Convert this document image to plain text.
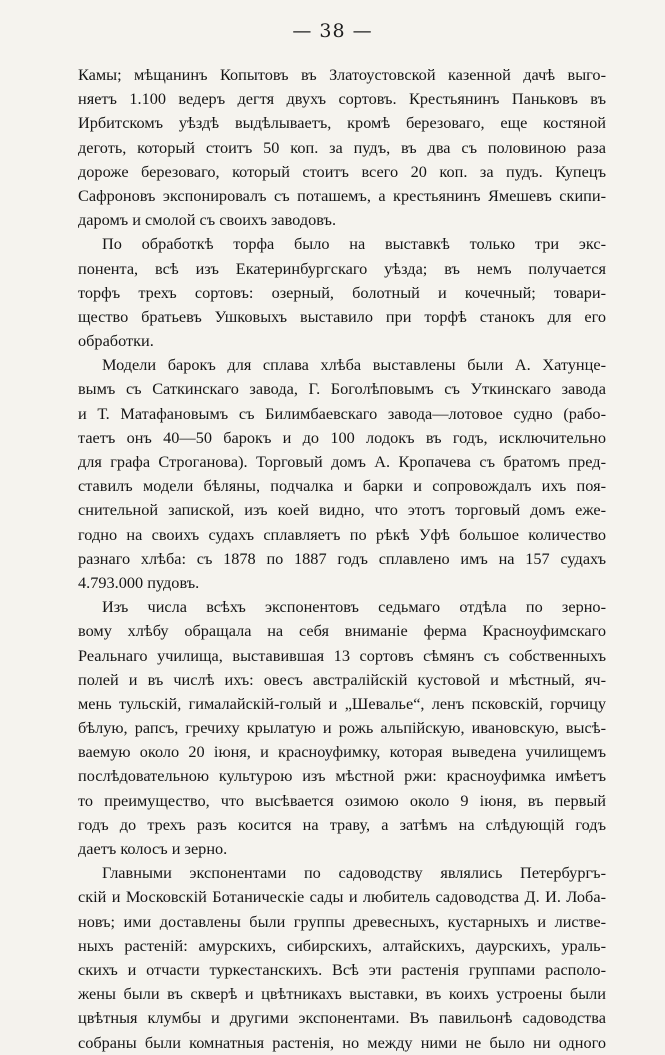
— 38 —
Камы; мѣщанинъ Копытовъ въ Златоустовской казенной дачѣ выго-
няетъ 1.100 ведеръ дегтя двухъ сортовъ. Крестьянинъ Паньковъ въ
Ирбитскомъ уѣздѣ выдѣлываетъ, кромѣ березоваго, еще костяной
деготь, который стоитъ 50 коп. за пудъ, въ два съ половиною раза
дороже березоваго, который стоитъ всего 20 коп. за пудъ. Купецъ
Сафроновъ экспонировалъ съ поташемъ, а крестьянинъ Ямешевъ скипи-
даромъ и смолой съ своихъ заводовъ.
По обработкѣ торфа было на выставкѣ только три экс-
понента, всѣ изъ Екатеринбургскаго уѣзда; въ немъ получается
торфъ трехъ сортовъ: озерный, болотный и кочечный; товари-
щество братьевъ Ушковыхъ выставило при торфѣ станокъ для его
обработки.
Модели барокъ для сплава хлѣба выставлены были А. Хатунце-
вымъ съ Саткинскаго завода, Г. Боголѣповымъ съ Уткинскаго завода
и Т. Матафановымъ съ Билимбаевскаго завода—лотовое судно (рабо-
таетъ онъ 40—50 барокъ и до 100 лодокъ въ годъ, исключительно
для графа Строганова). Торговый домъ А. Кропачева съ братомъ пред-
ставилъ модели бѣляны, подчалка и барки и сопровождалъ ихъ поя-
снительной запиской, изъ коей видно, что этотъ торговый домъ еже-
годно на своихъ судахъ сплавляетъ по рѣкѣ Уфѣ большое количество
разнаго хлѣба: съ 1878 по 1887 годъ сплавлено имъ на 157 судахъ
4.793.000 пудовъ.
Изъ числа всѣхъ экспонентовъ седьмаго отдѣла по зерно-
вому хлѣбу обращала на себя вниманіе ферма Красноуфимскаго
Реальнаго училища, выставившая 13 сортовъ сѣмянъ съ собственныхъ
полей и въ числѣ ихъ: овесъ австралійскій кустовой и мѣстный, яч-
мень тульскій, гималайскій-голый и „Шевалье“, ленъ псковскій, горчицу
бѣлую, рапсъ, гречиху крылатую и рожь альпійскую, ивановскую, высѣ-
ваемую около 20 іюня, и красноуфимку, которая выведена училищемъ
послѣдовательною культурою изъ мѣстной ржи: красноуфимка имѣетъ
то преимущество, что высѣвается озимою около 9 іюня, въ первый
годъ до трехъ разъ косится на траву, а затѣмъ на слѣдующій годъ
даетъ колосъ и зерно.
Главными экспонентами по садоводству являлись Петербургъ-
скій и Московскій Ботаническіе сады и любитель садоводства Д. И. Лоба-
новъ; ими доставлены были группы древесныхъ, кустарныхъ и листве-
ныхъ растеній: амурскихъ, сибирскихъ, алтайскихъ, даурскихъ, ураль-
скихъ и отчасти туркестанскихъ. Всѣ эти растенія группами располо-
жены были въ скверѣ и цвѣтникахъ выставки, въ коихъ устроены были
цвѣтныя клумбы и другими экспонентами. Въ павильонѣ садоводства
собраны были комнатныя растенія, но между ними не было ни одного
